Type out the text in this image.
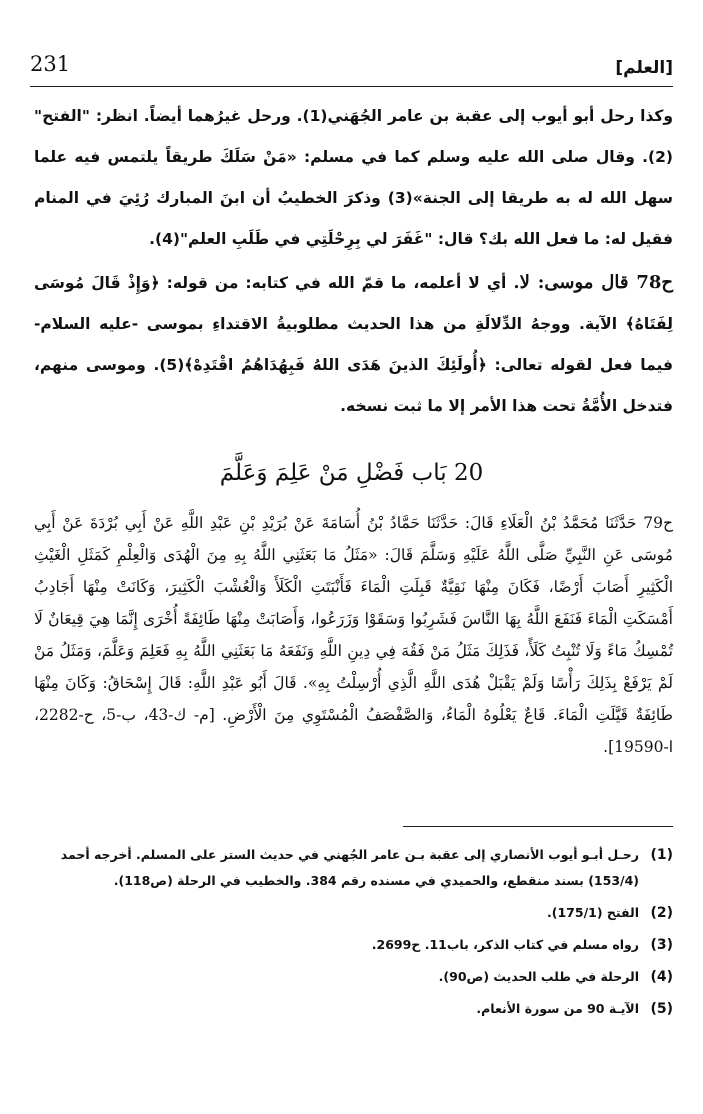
[العلم]
231

وكذا رحل أبو أيوب إلى عقبة بن عامر الجُهَني(1). ورحل غيرُهما أيضاً. انظر: "الفتح"(2). وقال صلى الله عليه وسلم كما في مسلم: «مَنْ سَلَكَ طريقاً يلتمس فيه علما سهل الله له به طريقا إلى الجنة»(3) وذكرَ الخطيبُ أن ابنَ المبارك رُئِيَ في المنام فقيل له: ما فعل الله بك؟ قال: "غَفَرَ لي بِرِحْلَتِي في طَلَبِ العلم"(4).

ح78 قال موسى: لا. أي لا أعلمه، ما قمّ الله في كتابه: من قوله: ﴿وَإِذْ قَالَ مُوسَى لِفَتَاهُ﴾ الآية. ووجهُ الدِّلالَةِ من هذا الحديث مطلوبيةُ الاقتداءِ بموسى -عليه السلام- فيما فعل لقوله تعالى: ﴿أُولَئِكَ الذينَ هَدَى اللهُ فَبِهُدَاهُمُ اقْتَدِهْ﴾(5). وموسى منهم، فتدخل الأُمَّةُ تحت هذا الأمر إلا ما ثبت نسخه.

20 بَاب فَضْلِ مَنْ عَلِمَ وَعَلَّمَ

ح79 حَدَّثَنَا مُحَمَّدُ بْنُ الْعَلَاءِ قَالَ: حَدَّثَنَا حَمَّادُ بْنُ أُسَامَةَ عَنْ بُرَيْدِ بْنِ عَبْدِ اللَّهِ عَنْ أَبِي بُرْدَةَ عَنْ أَبِي مُوسَى عَنِ النَّبِيِّ صَلَّى اللَّهُ عَلَيْهِ وَسَلَّمَ قَالَ: «مَثَلُ مَا بَعَثَنِي اللَّهُ بِهِ مِنَ الْهُدَى وَالْعِلْمِ كَمَثَلِ الْغَيْثِ الْكَثِيرِ أَصَابَ أَرْضًا، فَكَانَ مِنْهَا نَقِيَّةٌ قَبِلَتِ الْمَاءَ فَأَنْبَتَتِ الْكَلَأَ وَالْعُشْبَ الْكَثِيرَ، وَكَانَتْ مِنْهَا أَجَادِبُ أَمْسَكَتِ الْمَاءَ فَنَفَعَ اللَّهُ بِهَا النَّاسَ فَشَرِبُوا وَسَقَوْا وَزَرَعُوا، وَأَصَابَتْ مِنْهَا طَائِفَةً أُخْرَى إِنَّمَا هِيَ قِيعَانٌ لَا تُمْسِكُ مَاءً وَلَا تُنْبِتُ كَلَأً، فَذَلِكَ مَثَلُ مَنْ فَقُهَ فِي دِينِ اللَّهِ وَنَفَعَهُ مَا بَعَثَنِي اللَّهُ بِهِ فَعَلِمَ وَعَلَّمَ، وَمَثَلُ مَنْ لَمْ يَرْفَعْ بِذَلِكَ رَأْسًا وَلَمْ يَقْبَلْ هُدَى اللَّهِ الَّذِي أُرْسِلْتُ بِهِ». قَالَ أَبُو عَبْدِ اللَّهِ: قَالَ إِسْحَاقُ: وَكَانَ مِنْهَا طَائِفَةٌ قَيَّلَتِ الْمَاءَ. قَاعٌ يَعْلُوهُ الْمَاءُ، وَالصَّفْصَفُ الْمُسْتَوِي مِنَ الْأَرْضِ. [م- ك-43، ب-5، ح-2282، ا-19590].

(1)
رحـل أبـو أيوب الأنصاري إلى عقبة بـن عامر الجُهني في حديث الستر على المسلم. أخرجه أحمد (153/4) بسند منقطع، والحميدي في مسنده رقم 384. والخطيب في الرحلة (ص118).
(2)
الفتح (175/1).
(3)
رواه مسلم في كتاب الذكر، باب11. ح2699.
(4)
الرحلة في طلب الحديث (ص90).
(5)
الآيـة 90 من سورة الأنعام.
